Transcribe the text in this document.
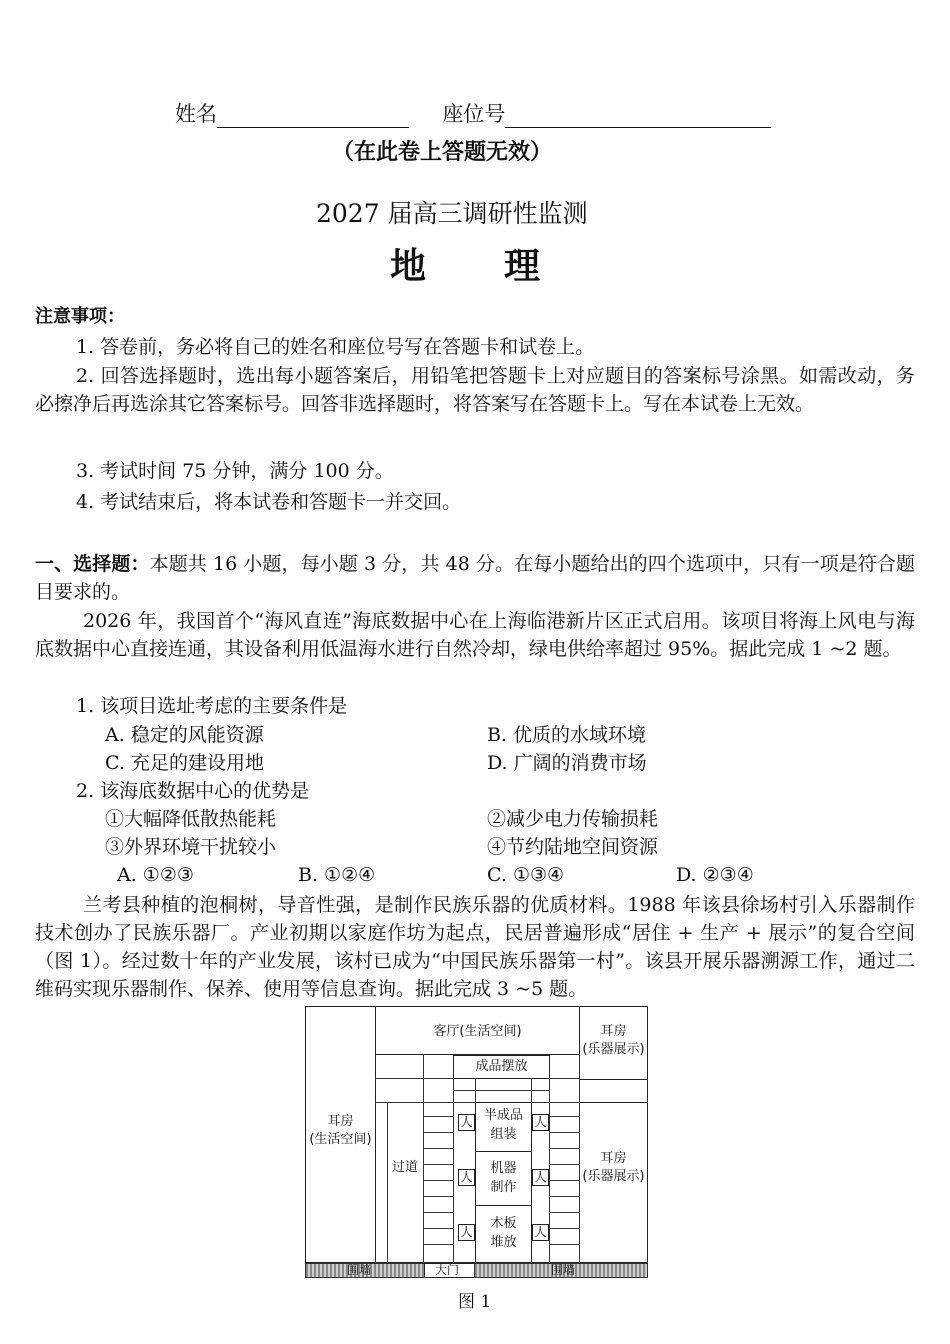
姓名	座位号
（在此卷上答题无效）
2027 届高三调研性监测
地　　理
注意事项：
1. 答卷前，务必将自己的姓名和座位号写在答题卡和试卷上。
2. 回答选择题时，选出每小题答案后，用铅笔把答题卡上对应题目的答案标号涂黑。如需改动，务必擦净后再选涂其它答案标号。回答非选择题时，将答案写在答题卡上。写在本试卷上无效。
3. 考试时间 75 分钟，满分 100 分。
4. 考试结束后，将本试卷和答题卡一并交回。
一、选择题：本题共 16 小题，每小题 3 分，共 48 分。在每小题给出的四个选项中，只有一项是符合题目要求的。
2026 年，我国首个“海风直连”海底数据中心在上海临港新片区正式启用。该项目将海上风电与海底数据中心直接连通，其设备利用低温海水进行自然冷却，绿电供给率超过 95%。据此完成 1 ~2 题。
1. 该项目选址考虑的主要条件是
A. 稳定的风能资源	B. 优质的水域环境
C. 充足的建设用地	D. 广阔的消费市场
2. 该海底数据中心的优势是
①大幅降低散热能耗	②减少电力传输损耗
③外界环境干扰较小	④节约陆地空间资源
A. ①②③	B. ①②④	C. ①③④	D. ②③④
兰考县种植的泡桐树，导音性强，是制作民族乐器的优质材料。1988 年该县徐场村引入乐器制作技术创办了民族乐器厂。产业初期以家庭作坊为起点，民居普遍形成“居住 + 生产 + 展示”的复合空间（图 1）。经过数十年的产业发展，该村已成为“中国民族乐器第一村”。该县开展乐器溯源工作，通过二维码实现乐器制作、保养、使用等信息查询。据此完成 3 ~5 题。
耳房
(生活空间)
客厅(生活空间)	耳房
(乐器展示)
耳房
(乐器展示)
成品摆放
过道
半成品
组装
机器
制作
木板
堆放
人	人
人	人
人	人
围墙	大门	围墙
图 1
